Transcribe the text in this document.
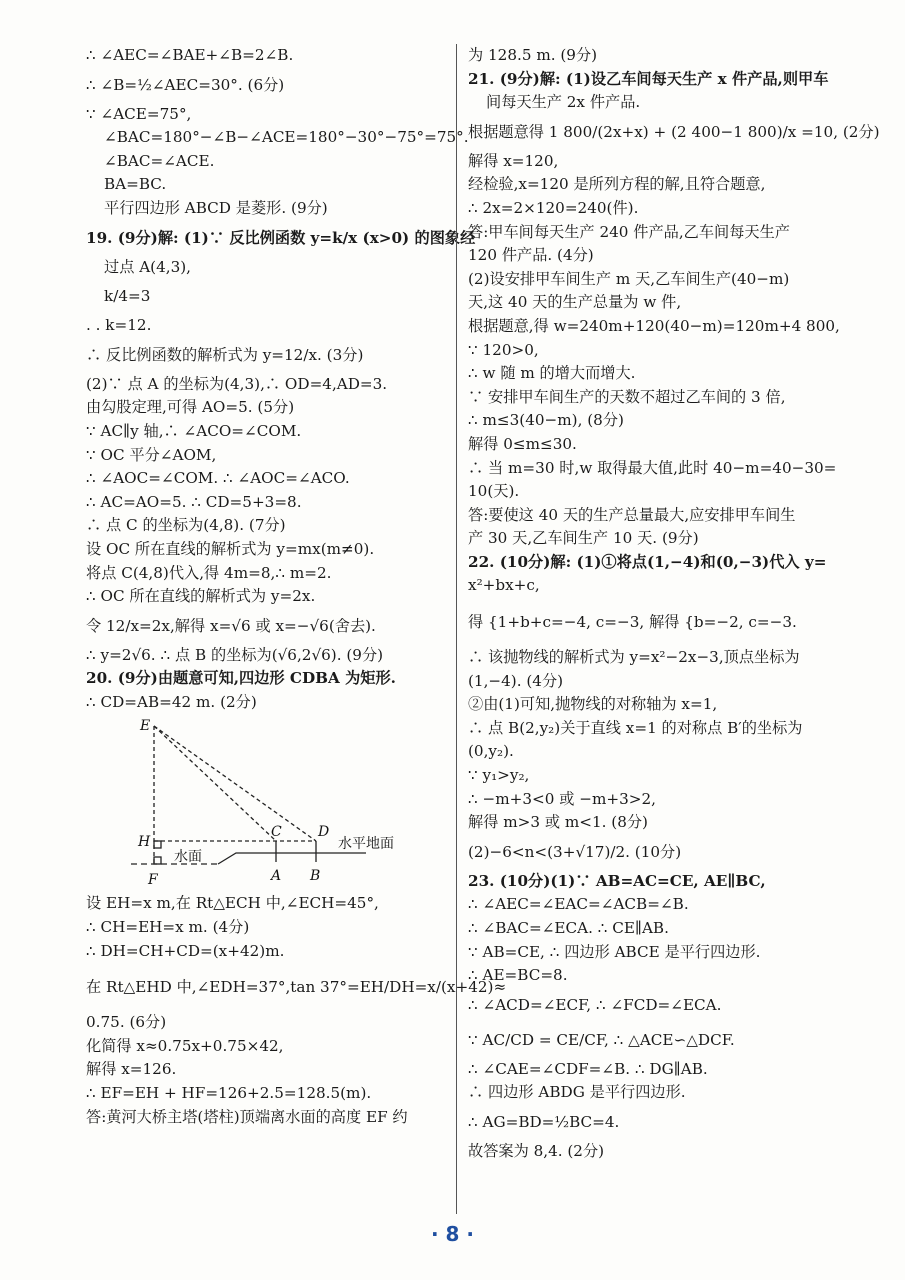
∴ ∠AEC=∠BAE+∠B=2∠B.
∴ ∠B=½∠AEC=30°. (6分)
∵ ∠ACE=75°,
∠BAC=180°−∠B−∠ACE=180°−30°−75°=75°.
∠BAC=∠ACE.
BA=BC.
平行四边形 ABCD 是菱形. (9分)
19. (9分)解: (1)∵ 反比例函数 y=k/x (x>0) 的图象经
过点 A(4,3),
k/4=3
. . k=12.
∴ 反比例函数的解析式为 y=12/x. (3分)
(2)∵ 点 A 的坐标为(4,3),∴ OD=4,AD=3.
由勾股定理,可得 AO=5. (5分)
∵ AC∥y 轴,∴ ∠ACO=∠COM.
∵ OC 平分∠AOM,
∴ ∠AOC=∠COM. ∴ ∠AOC=∠ACO.
∴ AC=AO=5. ∴ CD=5+3=8.
∴ 点 C 的坐标为(4,8). (7分)
设 OC 所在直线的解析式为 y=mx(m≠0).
将点 C(4,8)代入,得 4m=8,∴ m=2.
∴ OC 所在直线的解析式为 y=2x.
令 12/x=2x,解得 x=√6 或 x=−√6(舍去).
∴ y=2√6. ∴ 点 B 的坐标为(√6,2√6). (9分)
20. (9分)由题意可知,四边形 CDBA 为矩形.
∴ CD=AB=42 m. (2分)
E
H
F
C	D
A B
水面
水平地面
设 EH=x m,在 Rt△ECH 中,∠ECH=45°,
∴ CH=EH=x m. (4分)
∴ DH=CH+CD=(x+42)m.
在 Rt△EHD 中,∠EDH=37°,tan 37°=EH/DH=x/(x+42)≈
0.75. (6分)
化简得 x≈0.75x+0.75×42,
解得 x=126.
∴ EF=EH + HF=126+2.5=128.5(m).
答:黄河大桥主塔(塔柱)顶端离水面的高度 EF 约
为 128.5 m. (9分)
21. (9分)解: (1)设乙车间每天生产 x 件产品,则甲车
间每天生产 2x 件产品.
根据题意得 1 800/(2x+x) + (2 400−1 800)/x =10, (2分)
解得 x=120,
经检验,x=120 是所列方程的解,且符合题意,
∴ 2x=2×120=240(件).
答:甲车间每天生产 240 件产品,乙车间每天生产
120 件产品. (4分)
(2)设安排甲车间生产 m 天,乙车间生产(40−m)
天,这 40 天的生产总量为 w 件,
根据题意,得 w=240m+120(40−m)=120m+4 800,
∵ 120>0,
∴ w 随 m 的增大而增大.
∵ 安排甲车间生产的天数不超过乙车间的 3 倍,
∴ m≤3(40−m), (8分)
解得 0≤m≤30.
∴ 当 m=30 时,w 取得最大值,此时 40−m=40−30=
10(天).
答:要使这 40 天的生产总量最大,应安排甲车间生
产 30 天,乙车间生产 10 天. (9分)
22. (10分)解: (1)①将点(1,−4)和(0,−3)代入 y=
x²+bx+c,
得 {1+b+c=−4, c=−3, 解得 {b=−2, c=−3.
∴ 该抛物线的解析式为 y=x²−2x−3,顶点坐标为
(1,−4). (4分)
②由(1)可知,抛物线的对称轴为 x=1,
∴ 点 B(2,y₂)关于直线 x=1 的对称点 B′的坐标为
(0,y₂).
∵ y₁>y₂,
∴ −m+3<0 或 −m+3>2,
解得 m>3 或 m<1. (8分)
(2)−6<n<(3+√17)/2. (10分)
23. (10分)(1)∵ AB=AC=CE, AE∥BC,
∴ ∠AEC=∠EAC=∠ACB=∠B.
∴ ∠BAC=∠ECA. ∴ CE∥AB.
∵ AB=CE, ∴ 四边形 ABCE 是平行四边形.
∴ AE=BC=8.
∴ ∠ACD=∠ECF, ∴ ∠FCD=∠ECA.
∵ AC/CD = CE/CF, ∴ △ACE∽△DCF.
∴ ∠CAE=∠CDF=∠B. ∴ DG∥AB.
∴ 四边形 ABDG 是平行四边形.
∴ AG=BD=½BC=4.
故答案为 8,4. (2分)
· 8 ·
